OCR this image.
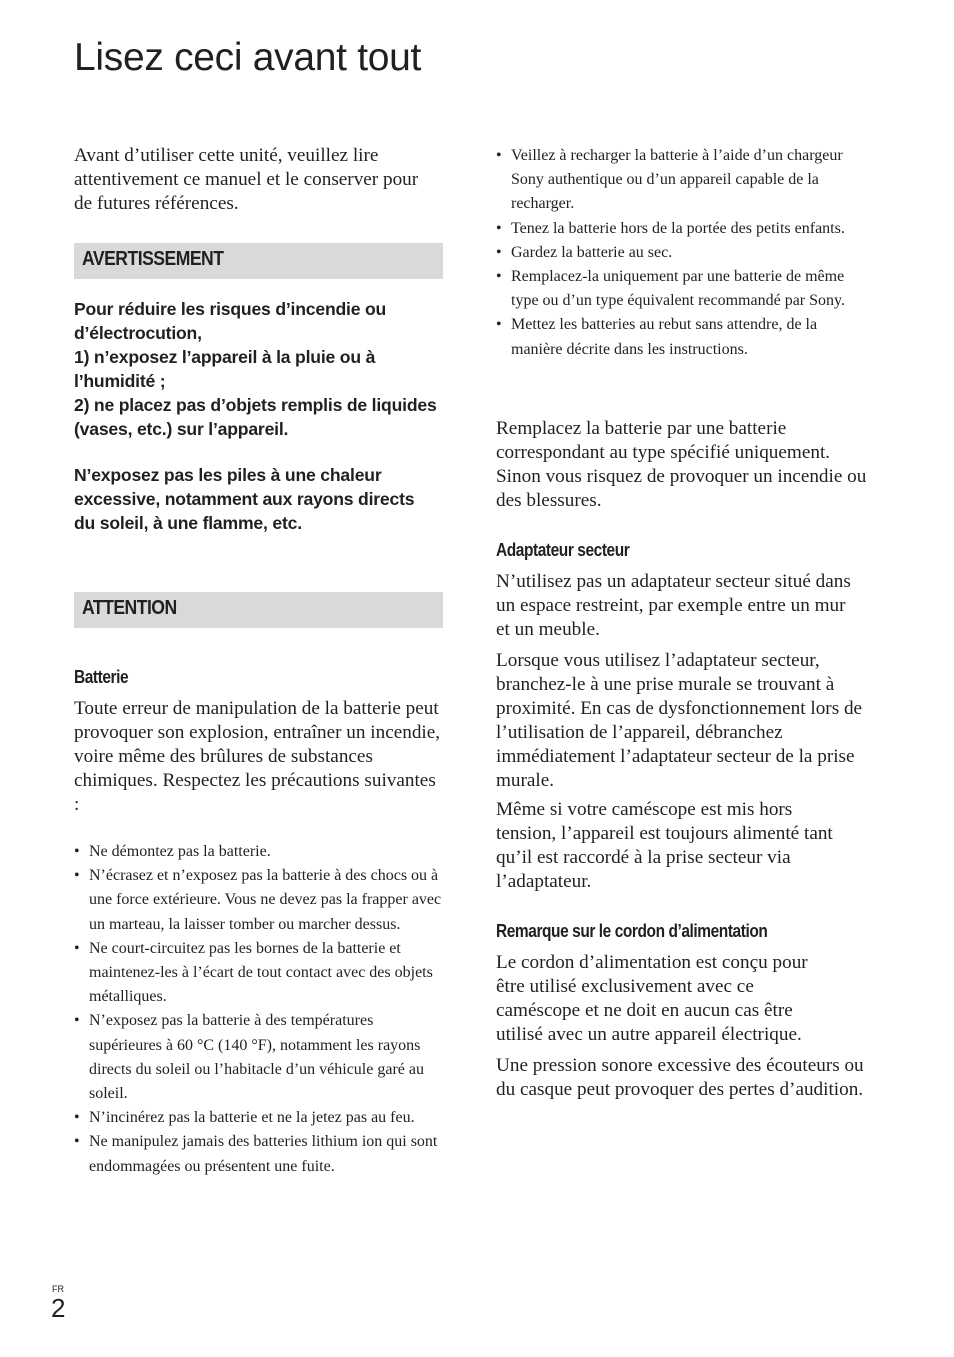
Lisez ceci avant tout

Avant d’utiliser cette unité, veuillez lire attentivement ce manuel et le conserver pour de futures références.

AVERTISSEMENT

Pour réduire les risques d’incendie ou d’électrocution,
1) n’exposez l’appareil à la pluie ou à l’humidité ;
2) ne placez pas d’objets remplis de liquides (vases, etc.) sur l’appareil.

N’exposez pas les piles à une chaleur excessive, notamment aux rayons directs du soleil, à une flamme, etc.

ATTENTION
Batterie

Toute erreur de manipulation de la batterie peut provoquer son explosion, entraîner un incendie, voire même des brûlures de substances chimiques. Respectez les précautions suivantes :

• Ne démontez pas la batterie.
• N’écrasez et n’exposez pas la batterie à des chocs ou à une force extérieure. Vous ne devez pas la frapper avec un marteau, la laisser tomber ou marcher dessus.
• Ne court-circuitez pas les bornes de la batterie et maintenez-les à l’écart de tout contact avec des objets métalliques.
• N’exposez pas la batterie à des températures supérieures à 60 °C (140 °F), notamment les rayons directs du soleil ou l’habitacle d’un véhicule garé au soleil.
• N’incinérez pas la batterie et ne la jetez pas au feu.
• Ne manipulez jamais des batteries lithium ion qui sont endommagées ou présentent une fuite.
• Veillez à recharger la batterie à l’aide d’un chargeur Sony authentique ou d’un appareil capable de la recharger.
• Tenez la batterie hors de la portée des petits enfants.
• Gardez la batterie au sec.
• Remplacez-la uniquement par une batterie de même type ou d’un type équivalent recommandé par Sony.
• Mettez les batteries au rebut sans attendre, de la manière décrite dans les instructions.

Remplacez la batterie par une batterie correspondant au type spécifié uniquement. Sinon vous risquez de provoquer un incendie ou des blessures.

Adaptateur secteur

N’utilisez pas un adaptateur secteur situé dans un espace restreint, par exemple entre un mur et un meuble.

Lorsque vous utilisez l’adaptateur secteur, branchez-le à une prise murale se trouvant à proximité. En cas de dysfonctionnement lors de l’utilisation de l’appareil, débranchez immédiatement l’adaptateur secteur de la prise murale.

Même si votre caméscope est mis hors tension, l’appareil est toujours alimenté tant qu’il est raccordé à la prise secteur via l’adaptateur.

Remarque sur le cordon d’alimentation

Le cordon d’alimentation est conçu pour être utilisé exclusivement avec ce caméscope et ne doit en aucun cas être utilisé avec un autre appareil électrique.

Une pression sonore excessive des écouteurs ou du casque peut provoquer des pertes d’audition.

FR
2
